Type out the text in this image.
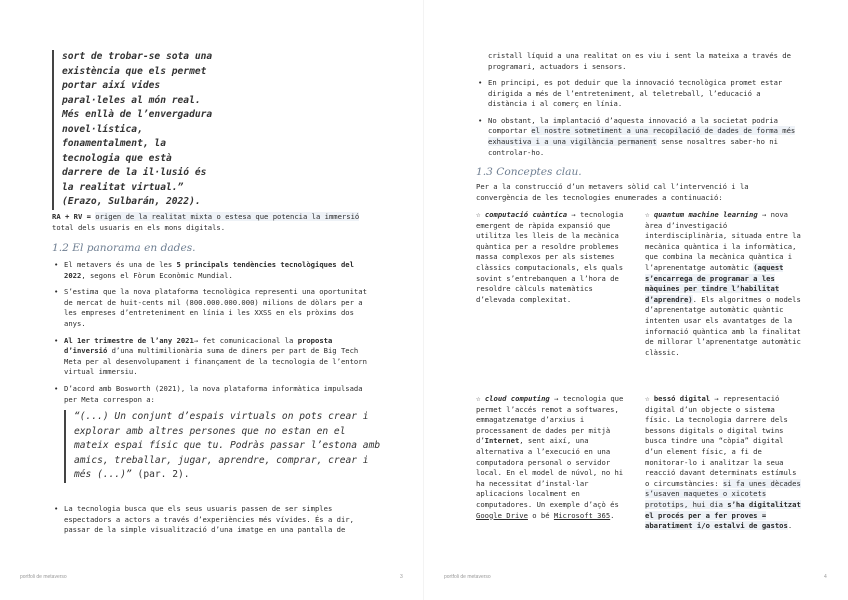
sort de trobar-se sota una
existència que els permet
portar així vides
paral·leles al món real.
Més enllà de l’envergadura
novel·lística,
fonamentalment, la
tecnologia que està
darrere de la il·lusió és
la realitat virtual.”
(Erazo, Sulbarán, 2022).
RA + RV = origen de la realitat mixta o estesa que potencia la immersió total dels usuaris en els mons digitals.
1.2 El panorama en dades.
• El metavers és una de les 5 principals tendències tecnològiques del 2022, segons el Fòrum Econòmic Mundial.
• S’estima que la nova plataforma tecnològica representi una oportunitat de mercat de huit-cents mil (800.000.000.000) milions de dòlars per a les empreses d’entreteniment en línia i les XXSS en els pròxims dos anys.
• Al 1er trimestre de l’any 2021→ fet comunicacional la proposta d’inversió d’una multimilionària suma de diners per part de Big Tech Meta per al desenvolupament i finançament de la tecnologia de l’entorn virtual immersiu.
• D’acord amb Bosworth (2021), la nova plataforma informàtica impulsada per Meta correspon a:
“(...) Un conjunt d’espais virtuals on pots crear i explorar amb altres persones que no estan en el mateix espai físic que tu. Podràs passar l’estona amb amics, treballar, jugar, aprendre, comprar, crear i més (...)” (par. 2).
• La tecnologia busca que els seus usuaris passen de ser simples espectadors a actors a través d’experiències més vívides. És a dir, passar de la simple visualització d’una imatge en una pantalla de
portfoli de metaverso	3
cristall líquid a una realitat on es viu i sent la mateixa a través de programari, actuadors i sensors.
• En principi, es pot deduir que la innovació tecnològica promet estar dirigida a més de l’entreteniment, al teletreball, l’educació a distància i al comerç en línia.
• No obstant, la implantació d’aquesta innovació a la societat podria comportar el nostre sotmetiment a una recopilació de dades de forma més exhaustiva i a una vigilància permanent sense nosaltres saber-ho ni controlar-ho.
1.3 Conceptes clau.
Per a la construcció d’un metavers sòlid cal l’intervenció i la convergència de les tecnologies enumerades a continuació:
☆ computació cuàntica → tecnologia emergent de ràpida expansió que utilitza les lleis de la mecànica quàntica per a resoldre problemes massa complexos per als sistemes clàssics computacionals, els quals sovint s’entrebanquen a l’hora de resoldre càlculs matemàtics d’elevada complexitat.
☆ quantum machine learning → nova àrea d’investigació interdisciplinària, situada entre la mecànica quàntica i la informàtica, que combina la mecànica quàntica i l’aprenentatge automàtic (aquest s’encarrega de programar a les màquines per tindre l’habilitat d’aprendre). Els algoritmes o models d’aprenentatge automàtic quàntic intenten usar els avantatges de la informació quàntica amb la finalitat de millorar l’aprenentatge automàtic clàssic.
☆ cloud computing → tecnologia que permet l’accés remot a softwares, emmagatzematge d’arxius i processament de dades per mitjà d’Internet, sent així, una alternativa a l’execució en una computadora personal o servidor local. En el model de núvol, no hi ha necessitat d’instal·lar aplicacions localment en computadores. Un exemple d’açò és Google Drive o bé Microsoft 365.
☆ bessó digital → representació digital d’un objecte o sistema físic. La tecnologia darrere dels bessons digitals o digital twins busca tindre una “còpia” digital d’un element físic, a fi de monitorar-lo i analitzar la seua reacció davant determinats estímuls o circumstàncies: si fa unes dècades s’usaven maquetes o xicotets prototips, hui dia s’ha digitalitzat el procés per a fer proves = abaratiment i/o estalvi de gastos.
portfoli de metaverso	4
